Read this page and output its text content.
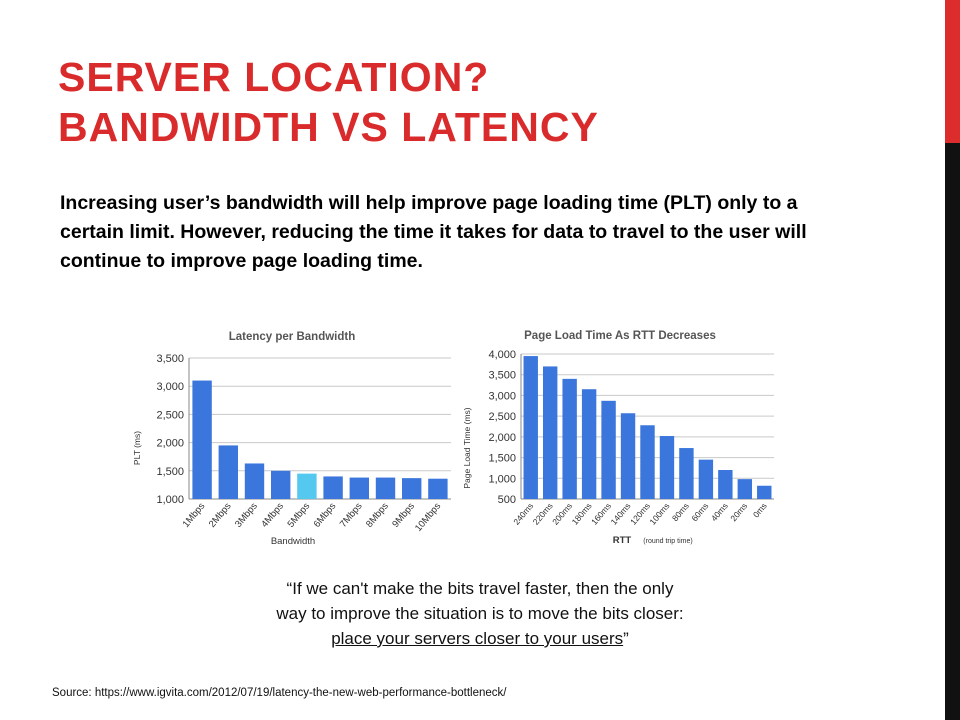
SERVER LOCATION?
BANDWIDTH VS LATENCY
Increasing user’s bandwidth will help improve page loading time (PLT) only to a certain limit. However, reducing the time it takes for data to travel to the user will continue to improve page loading time.
Latency per Bandwidth
1,000
1,500
2,000
2,500
3,000
3,500
1Mbps 2Mbps 3Mbps 4Mbps 5Mbps 6Mbps 7Mbps 8Mbps 9Mbps
10Mbps
PLT (ms)
Bandwidth
Page Load Time As RTT Decreases
500
1,000
1,500
2,000
2,500
3,000
3,500
4,000
240ms
220ms
200ms
180ms
160ms
140ms
120ms
100ms
80ms
60ms
40ms
20ms 0ms
Page Load Time (ms)
RTT (round trip time)
“If we can't make the bits travel faster, then the only
way to improve the situation is to move the bits closer:
place your servers closer to your users”
Source: https://www.igvita.com/2012/07/19/latency-the-new-web-performance-bottleneck/
